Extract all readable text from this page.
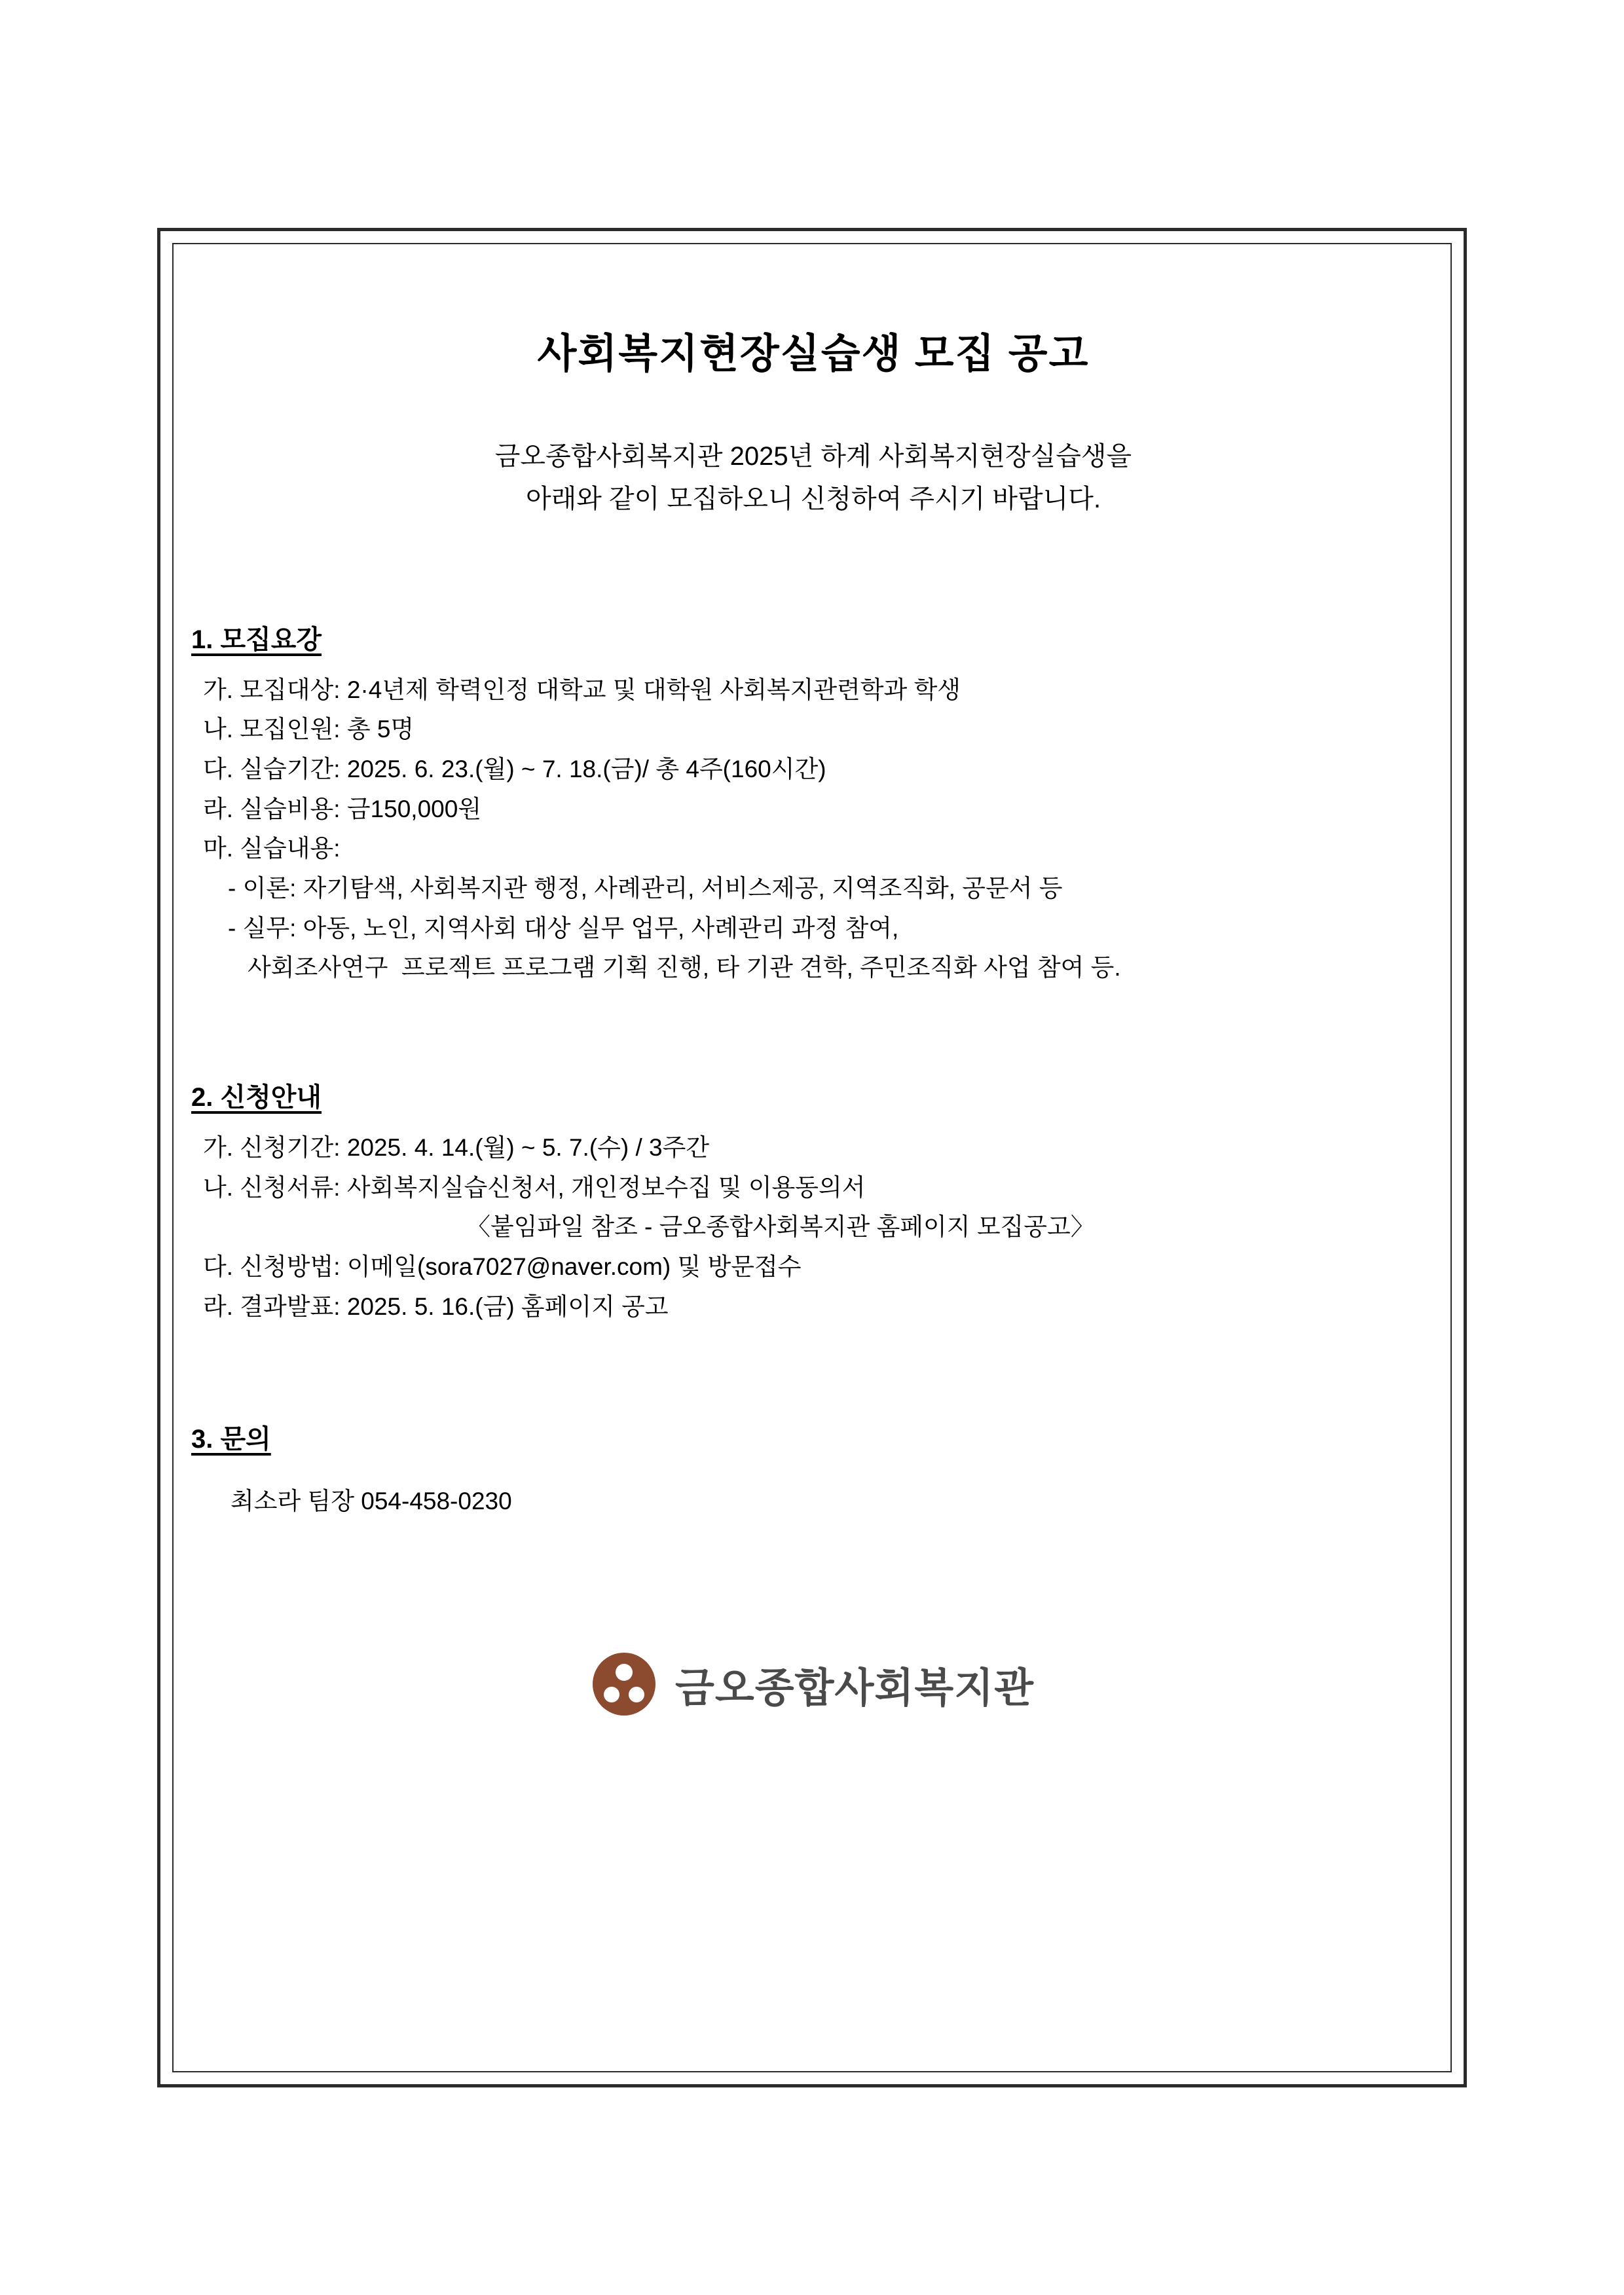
사회복지현장실습생 모집 공고
금오종합사회복지관 2025년 하계 사회복지현장실습생을
아래와 같이 모집하오니 신청하여 주시기 바랍니다.
1. 모집요강
가. 모집대상: 2·4년제 학력인정 대학교 및 대학원 사회복지관련학과 학생
나. 모집인원: 총 5명
다. 실습기간: 2025. 6. 23.(월) ~ 7. 18.(금)/ 총 4주(160시간)
라. 실습비용: 금150,000원
마. 실습내용:
- 이론: 자기탐색, 사회복지관 행정, 사례관리, 서비스제공, 지역조직화, 공문서 등
- 실무: 아동, 노인, 지역사회 대상 실무 업무, 사례관리 과정 참여,
사회조사연구  프로젝트 프로그램 기획 진행, 타 기관 견학, 주민조직화 사업 참여 등.
2. 신청안내
가. 신청기간: 2025. 4. 14.(월) ~ 5. 7.(수) / 3주간
나. 신청서류: 사회복지실습신청서, 개인정보수집 및 이용동의서
〈붙임파일 참조 - 금오종합사회복지관 홈페이지 모집공고〉
다. 신청방법: 이메일(sora7027@naver.com) 및 방문접수
라. 결과발표: 2025. 5. 16.(금) 홈페이지 공고
3. 문의
최소라 팀장 054-458-0230
금오종합사회복지관
